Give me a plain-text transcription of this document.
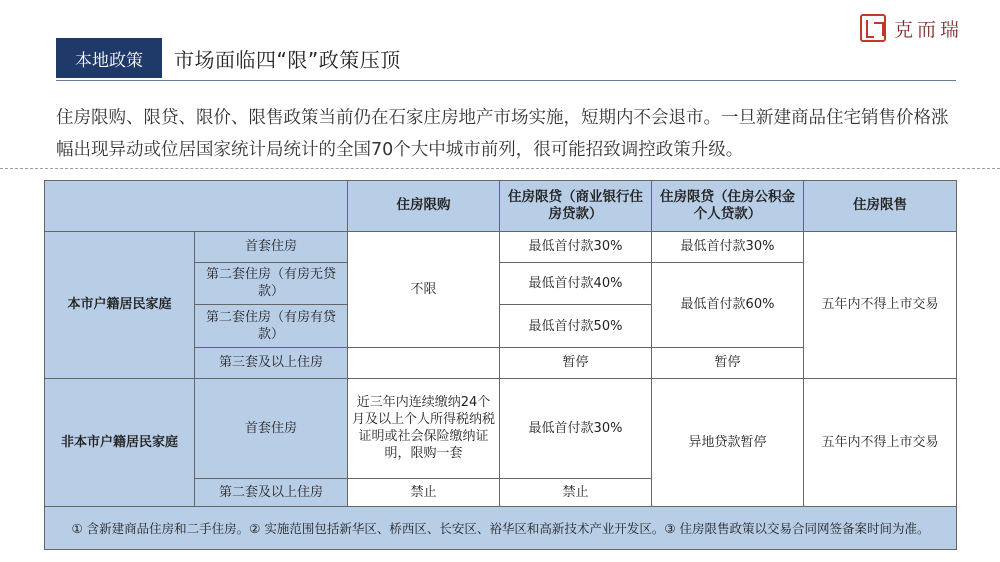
本地政策	市场面临四“限”政策压顶
克而瑞
住房限购、限贷、限价、限售政策当前仍在石家庄房地产市场实施，短期内不会退市。一旦新建商品住宅销售价格涨幅出现异动或位居国家统计局统计的全国70个大中城市前列，很可能招致调控政策升级。
		住房限购	住房限贷（商业银行住房贷款）	住房限贷（住房公积金个人贷款）	住房限售
本市户籍居民家庭	首套住房	不限	最低首付款30%	最低首付款30%	五年内不得上市交易
	第二套住房（有房无贷款）		最低首付款40%	最低首付款60%	
	第二套住房（有房有贷款）		最低首付款50%		
	第三套及以上住房		暂停	暂停	
非本市户籍居民家庭	首套住房	近三年内连续缴纳24个月及以上个人所得税纳税证明或社会保险缴纳证明，限购一套	最低首付款30%	异地贷款暂停	五年内不得上市交易
	第二套及以上住房	禁止	禁止		
① 含新建商品住房和二手住房。② 实施范围包括新华区、桥西区、长安区、裕华区和高新技术产业开发区。③ 住房限售政策以交易合同网签备案时间为准。					
